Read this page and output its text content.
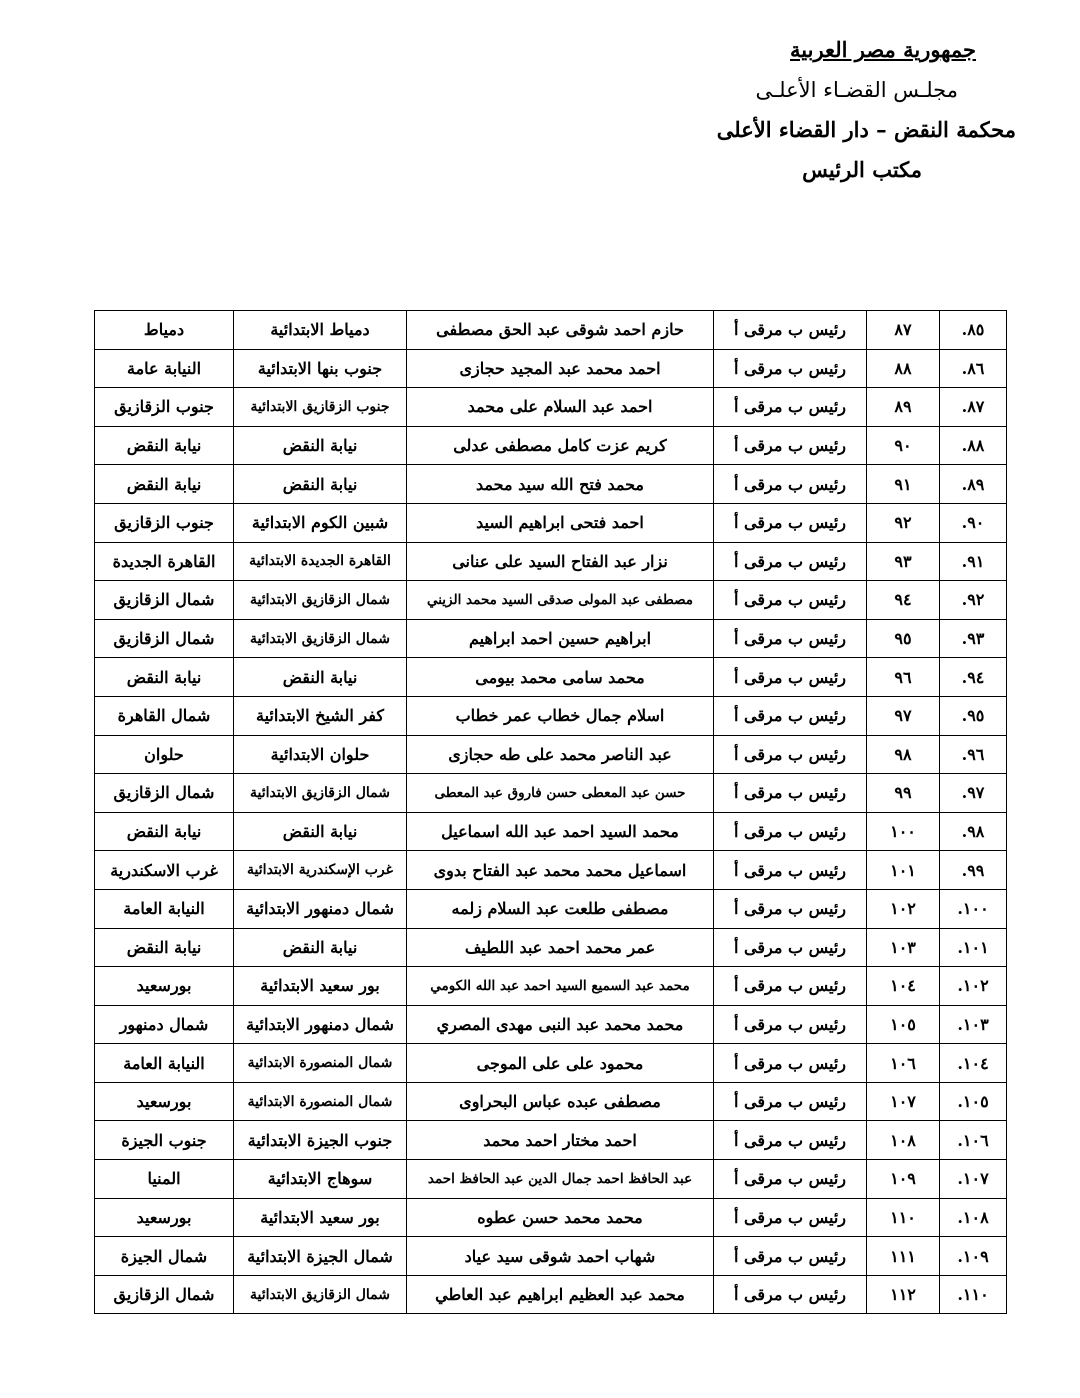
جمهورية مصر العربية
مجلـس القضـاء الأعلـى
محكمة النقض – دار القضاء الأعلى
مكتب الرئيس
٨٥.	٨٧	رئيس ب مرقى أ	حازم احمد شوقى عبد الحق مصطفى	دمياط الابتدائية	دمياط
٨٦.	٨٨	رئيس ب مرقى أ	احمد محمد عبد المجيد حجازى	جنوب بنها الابتدائية	النيابة عامة
٨٧.	٨٩	رئيس ب مرقى أ	احمد عبد السلام على محمد	جنوب الزقازيق الابتدائية	جنوب الزقازيق
٨٨.	٩٠	رئيس ب مرقى أ	كريم عزت كامل مصطفى عدلى	نيابة النقض	نيابة النقض
٨٩.	٩١	رئيس ب مرقى أ	محمد فتح الله سيد محمد	نيابة النقض	نيابة النقض
٩٠.	٩٢	رئيس ب مرقى أ	احمد فتحى ابراهيم السيد	شبين الكوم الابتدائية	جنوب الزقازيق
٩١.	٩٣	رئيس ب مرقى أ	نزار عبد الفتاح السيد على عنانى	القاهرة الجديدة الابتدائية	القاهرة الجديدة
٩٢.	٩٤	رئيس ب مرقى أ	مصطفى عبد المولى صدقى السيد محمد الزيني	شمال الزقازيق الابتدائية	شمال الزقازيق
٩٣.	٩٥	رئيس ب مرقى أ	ابراهيم حسين احمد ابراهيم	شمال الزقازيق الابتدائية	شمال الزقازيق
٩٤.	٩٦	رئيس ب مرقى أ	محمد سامى محمد بيومى	نيابة النقض	نيابة النقض
٩٥.	٩٧	رئيس ب مرقى أ	اسلام جمال خطاب عمر خطاب	كفر الشيخ الابتدائية	شمال القاهرة
٩٦.	٩٨	رئيس ب مرقى أ	عبد الناصر محمد على طه حجازى	حلوان الابتدائية	حلوان
٩٧.	٩٩	رئيس ب مرقى أ	حسن عبد المعطى حسن فاروق عبد المعطى	شمال الزقازيق الابتدائية	شمال الزقازيق
٩٨.	١٠٠	رئيس ب مرقى أ	محمد السيد احمد عبد الله اسماعيل	نيابة النقض	نيابة النقض
٩٩.	١٠١	رئيس ب مرقى أ	اسماعيل محمد محمد عبد الفتاح بدوى	غرب الإسكندرية الابتدائية	غرب الاسكندرية
١٠٠.	١٠٢	رئيس ب مرقى أ	مصطفى طلعت عبد السلام زلمه	شمال دمنهور الابتدائية	النيابة العامة
١٠١.	١٠٣	رئيس ب مرقى أ	عمر محمد احمد عبد اللطيف	نيابة النقض	نيابة النقض
١٠٢.	١٠٤	رئيس ب مرقى أ	محمد عبد السميع السيد احمد عبد الله الكومي	بور سعيد الابتدائية	بورسعيد
١٠٣.	١٠٥	رئيس ب مرقى أ	محمد محمد عبد النبى مهدى المصري	شمال دمنهور الابتدائية	شمال دمنهور
١٠٤.	١٠٦	رئيس ب مرقى أ	محمود على على الموجى	شمال المنصورة الابتدائية	النيابة العامة
١٠٥.	١٠٧	رئيس ب مرقى أ	مصطفى عبده عباس البحراوى	شمال المنصورة الابتدائية	بورسعيد
١٠٦.	١٠٨	رئيس ب مرقى أ	احمد مختار احمد محمد	جنوب الجيزة الابتدائية	جنوب الجيزة
١٠٧.	١٠٩	رئيس ب مرقى أ	عبد الحافظ احمد جمال الدين عبد الحافظ احمد	سوهاج الابتدائية	المنيا
١٠٨.	١١٠	رئيس ب مرقى أ	محمد محمد حسن عطوه	بور سعيد الابتدائية	بورسعيد
١٠٩.	١١١	رئيس ب مرقى أ	شهاب احمد شوقى سيد عياد	شمال الجيزة الابتدائية	شمال الجيزة
١١٠.	١١٢	رئيس ب مرقى أ	محمد عبد العظيم ابراهيم عبد العاطي	شمال الزقازيق الابتدائية	شمال الزقازيق
